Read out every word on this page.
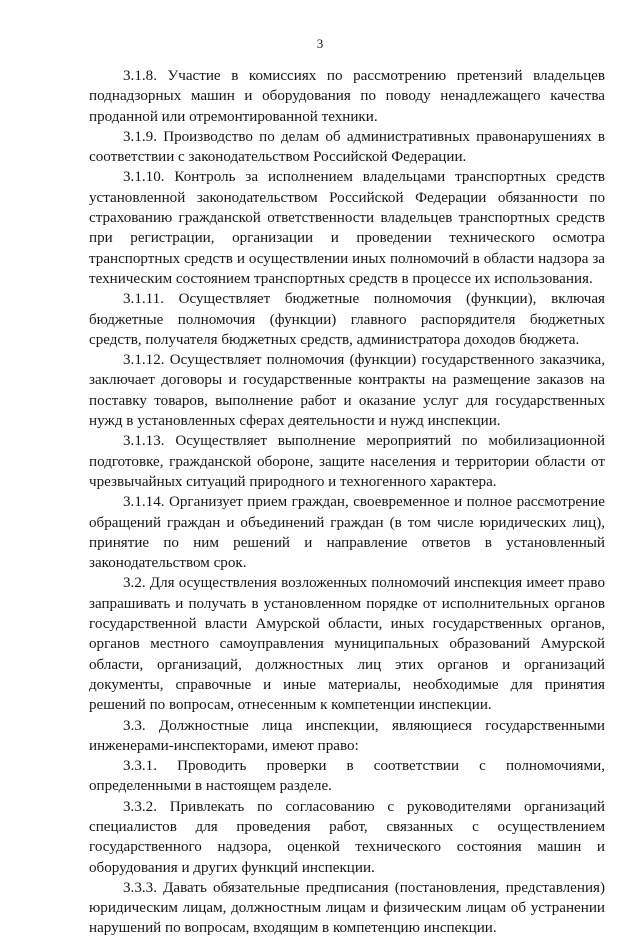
3

3.1.8. Участие в комиссиях по рассмотрению претензий владельцев поднадзорных машин и оборудования по поводу ненадлежащего качества проданной или отремонтированной техники.

3.1.9. Производство по делам об административных правонарушениях в соответствии с законодательством Российской Федерации.

3.1.10. Контроль за исполнением владельцами транспортных средств установленной законодательством Российской Федерации обязанности по страхованию гражданской ответственности владельцев транспортных средств при регистрации, организации и проведении технического осмотра транспортных средств и осуществлении иных полномочий в области надзора за техническим состоянием транспортных средств в процессе их использования.

3.1.11. Осуществляет бюджетные полномочия (функции), включая бюджетные полномочия (функции) главного распорядителя бюджетных средств, получателя бюджетных средств, администратора доходов бюджета.

3.1.12. Осуществляет полномочия (функции) государственного заказчика, заключает договоры и государственные контракты на размещение заказов на поставку товаров, выполнение работ и оказание услуг для государственных нужд в установленных сферах деятельности и нужд инспекции.

3.1.13. Осуществляет выполнение мероприятий по мобилизационной подготовке, гражданской обороне, защите населения и территории области от чрезвычайных ситуаций природного и техногенного характера.

3.1.14. Организует прием граждан, своевременное и полное рассмотрение обращений граждан и объединений граждан (в том числе юридических лиц), принятие по ним решений и направление ответов в установленный законодательством срок.

3.2. Для осуществления возложенных полномочий инспекция имеет право запрашивать и получать в установленном порядке от исполнительных органов государственной власти Амурской области, иных государственных органов, органов местного самоуправления муниципальных образований Амурской области, организаций, должностных лиц этих органов и организаций документы, справочные и иные материалы, необходимые для принятия решений по вопросам, отнесенным к компетенции инспекции.

3.3. Должностные лица инспекции, являющиеся государственными инженерами-инспекторами, имеют право:

3.3.1. Проводить проверки в соответствии с полномочиями, определенными в настоящем разделе.

3.3.2. Привлекать по согласованию с руководителями организаций специалистов для проведения работ, связанных с осуществлением государственного надзора, оценкой технического состояния машин и оборудования и других функций инспекции.

3.3.3. Давать обязательные предписания (постановления, представления) юридическим лицам, должностным лицам и физическим лицам об устранении нарушений по вопросам, входящим в компетенцию инспекции.
